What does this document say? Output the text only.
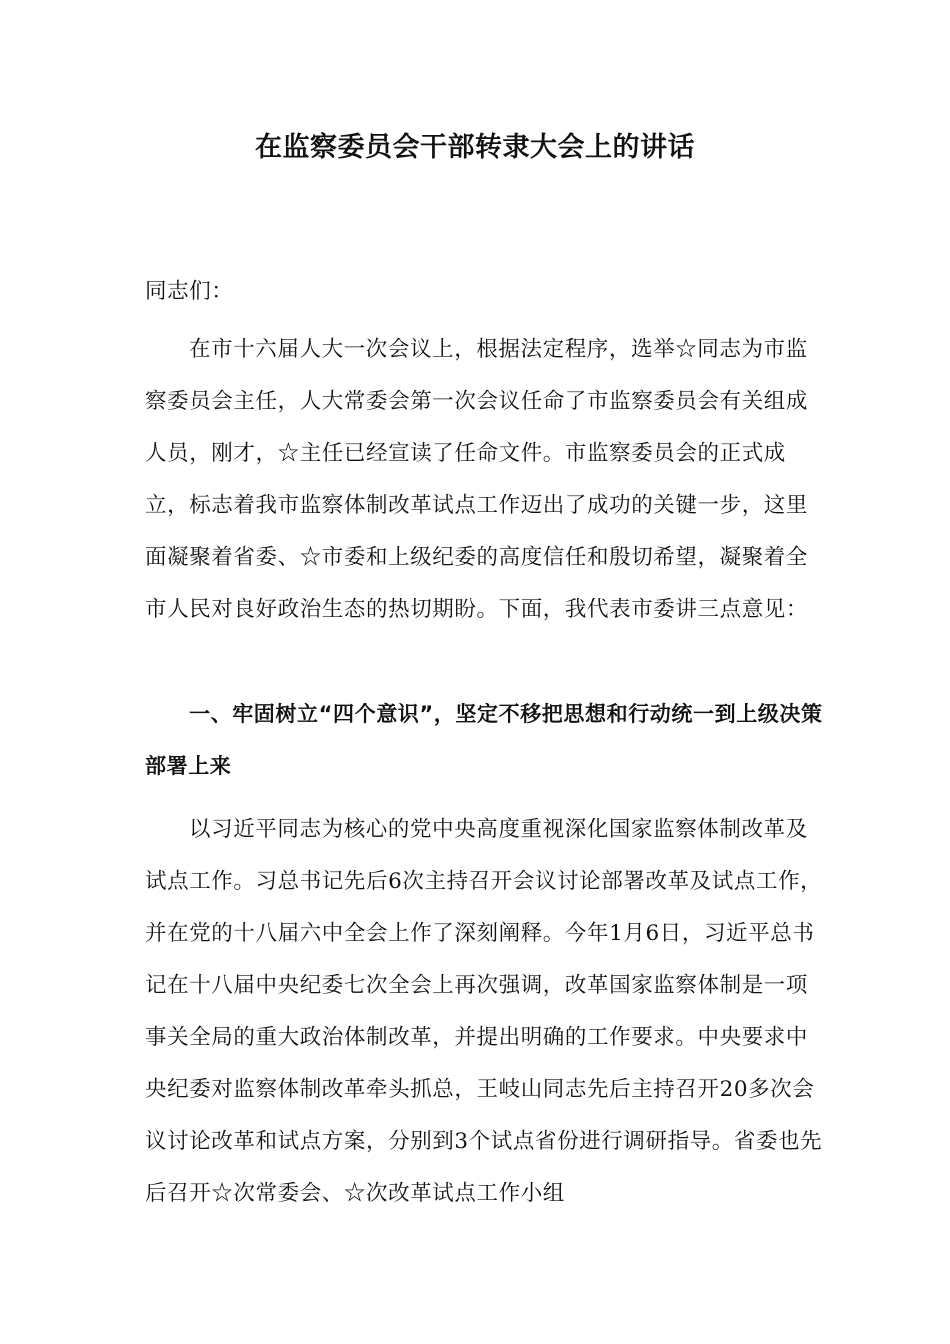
在监察委员会干部转隶大会上的讲话

同志们：

在市十六届人大一次会议上，根据法定程序，选举☆同志为市监察委员会主任，人大常委会第一次会议任命了市监察委员会有关组成人员，刚才，☆主任已经宣读了任命文件。市监察委员会的正式成立，标志着我市监察体制改革试点工作迈出了成功的关键一步，这里面凝聚着省委、☆市委和上级纪委的高度信任和殷切希望，凝聚着全市人民对良好政治生态的热切期盼。下面，我代表市委讲三点意见：

一、牢固树立“四个意识”，坚定不移把思想和行动统一到上级决策部署上来

以习近平同志为核心的党中央高度重视深化国家监察体制改革及试点工作。习总书记先后6次主持召开会议讨论部署改革及试点工作，并在党的十八届六中全会上作了深刻阐释。今年1月6日，习近平总书记在十八届中央纪委七次全会上再次强调，改革国家监察体制是一项事关全局的重大政治体制改革，并提出明确的工作要求。中央要求中央纪委对监察体制改革牵头抓总，王岐山同志先后主持召开20多次会议讨论改革和试点方案，分别到3个试点省份进行调研指导。省委也先后召开☆次常委会、☆次改革试点工作小组
